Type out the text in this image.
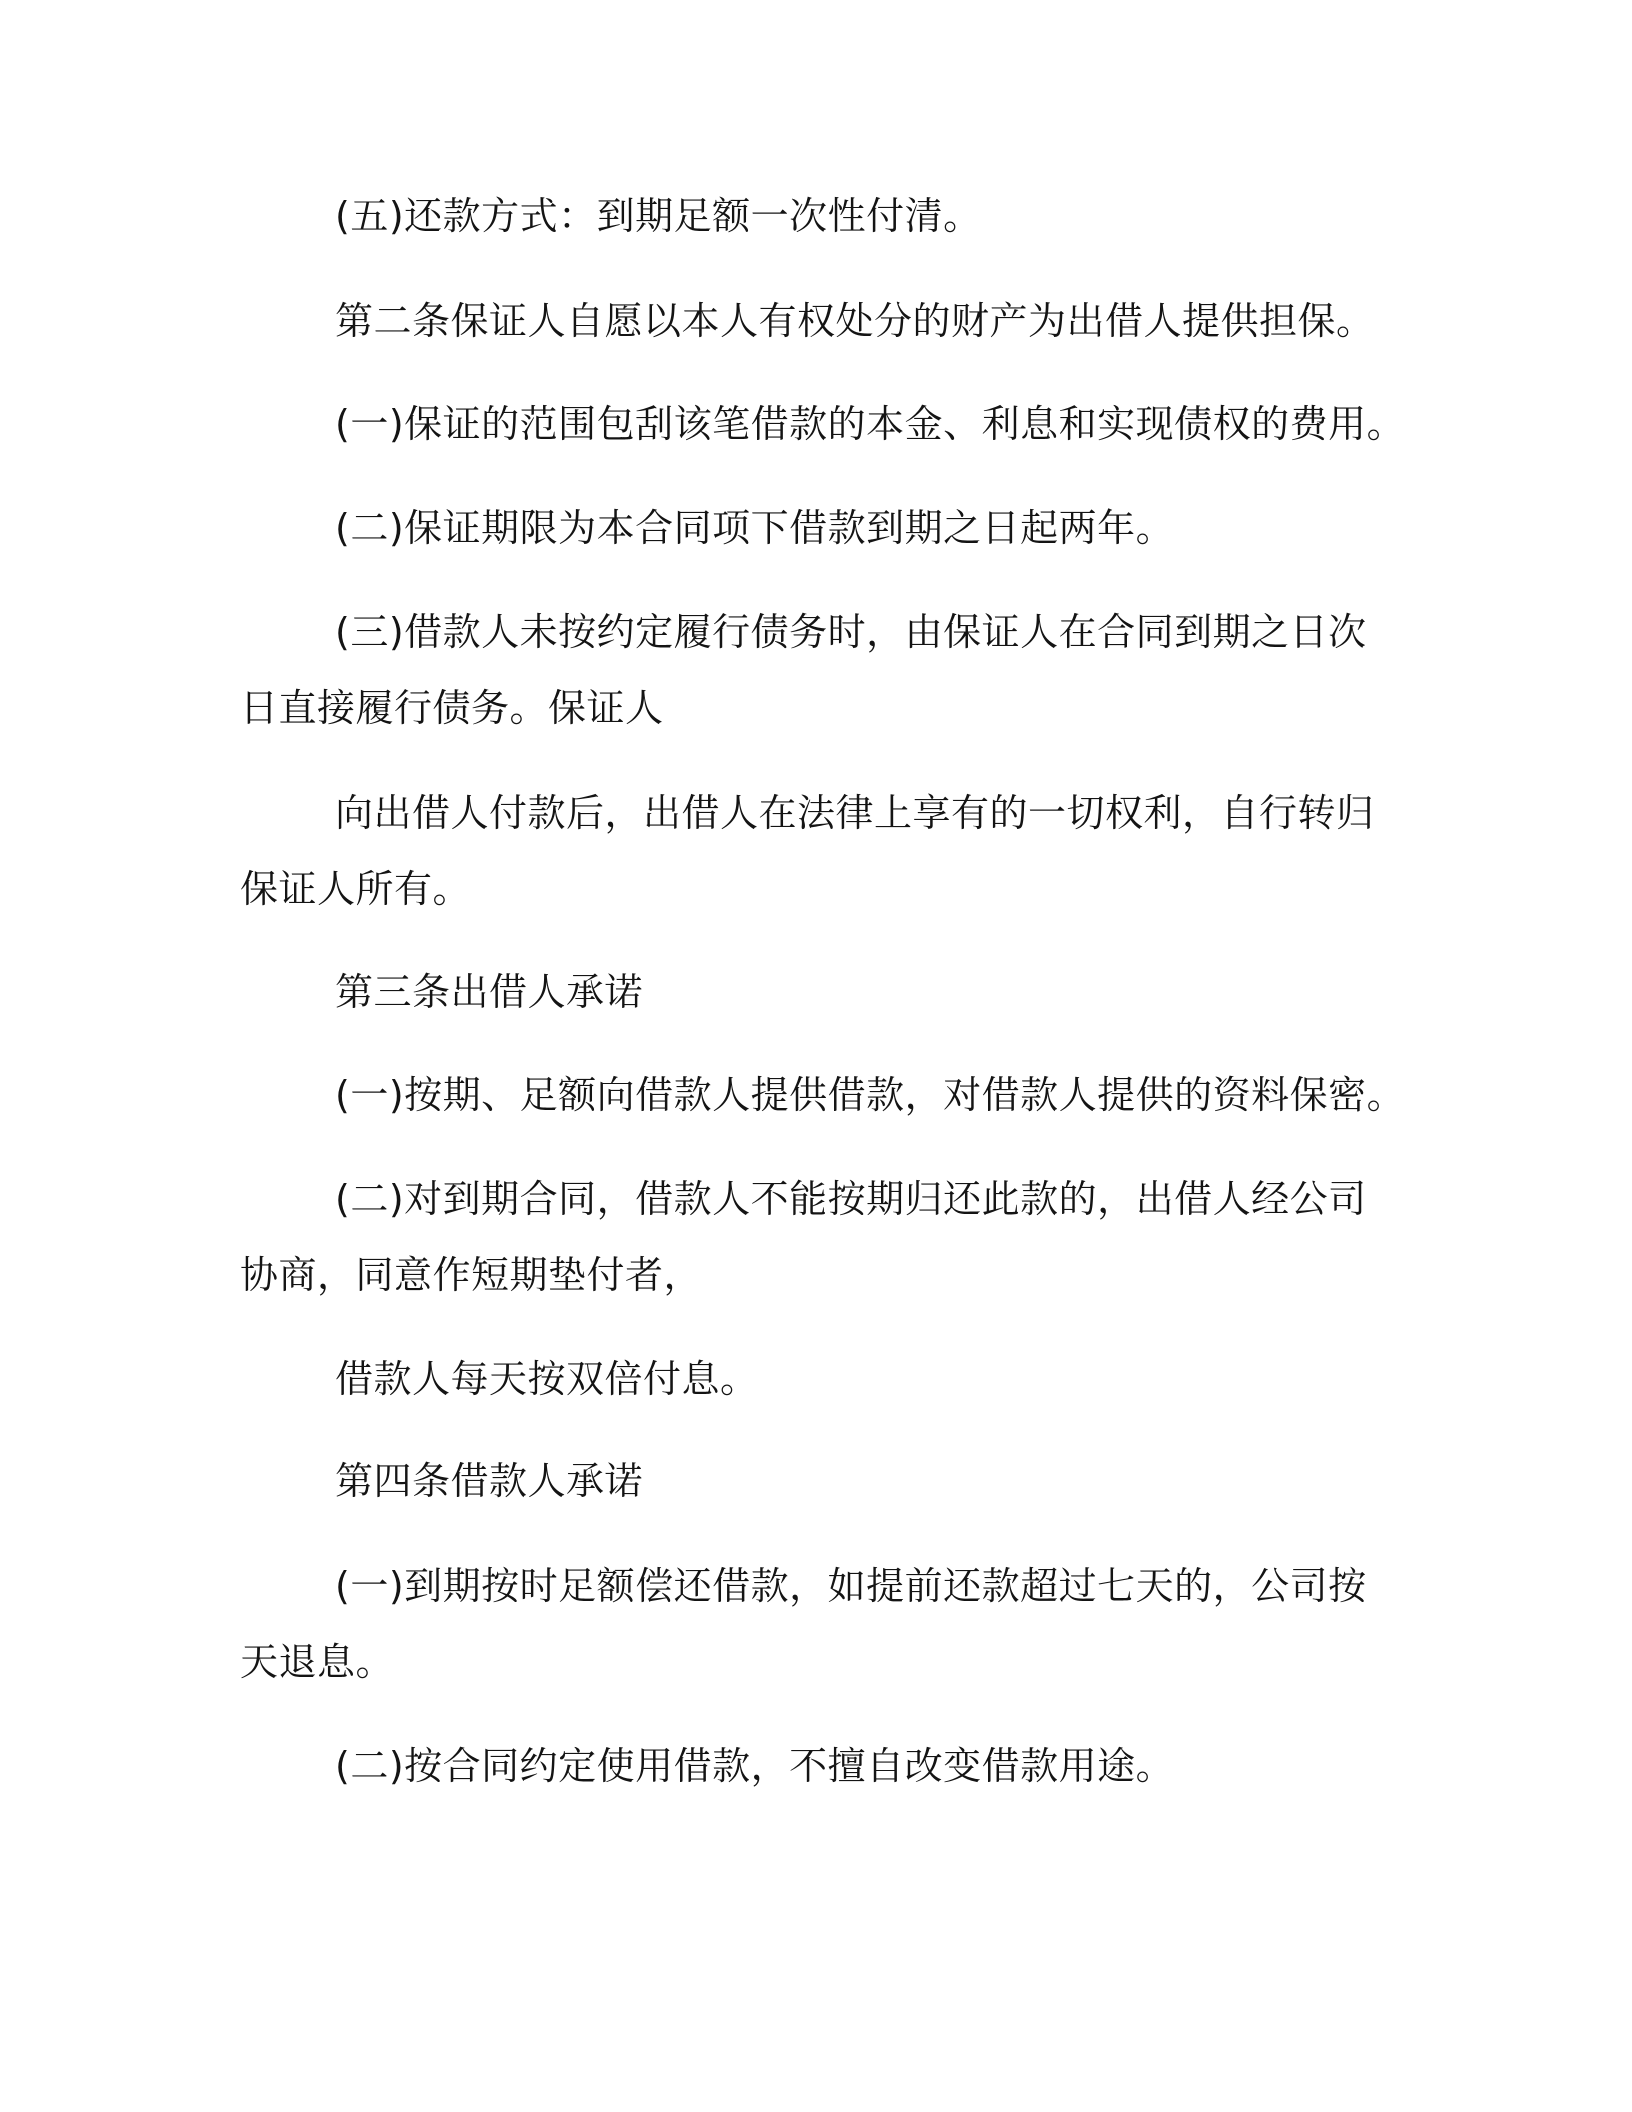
(五)还款方式：到期足额一次性付清。
第二条保证人自愿以本人有权处分的财产为出借人提供担保。
(一)保证的范围包刮该笔借款的本金、利息和实现债权的费用。
(二)保证期限为本合同项下借款到期之日起两年。
(三)借款人未按约定履行债务时，由保证人在合同到期之日次日直接履行债务。保证人
向出借人付款后，出借人在法律上享有的一切权利，自行转归保证人所有。
第三条出借人承诺
(一)按期、足额向借款人提供借款，对借款人提供的资料保密。
(二)对到期合同，借款人不能按期归还此款的，出借人经公司协商，同意作短期垫付者，
借款人每天按双倍付息。
第四条借款人承诺
(一)到期按时足额偿还借款，如提前还款超过七天的，公司按天退息。
(二)按合同约定使用借款，不擅自改变借款用途。
